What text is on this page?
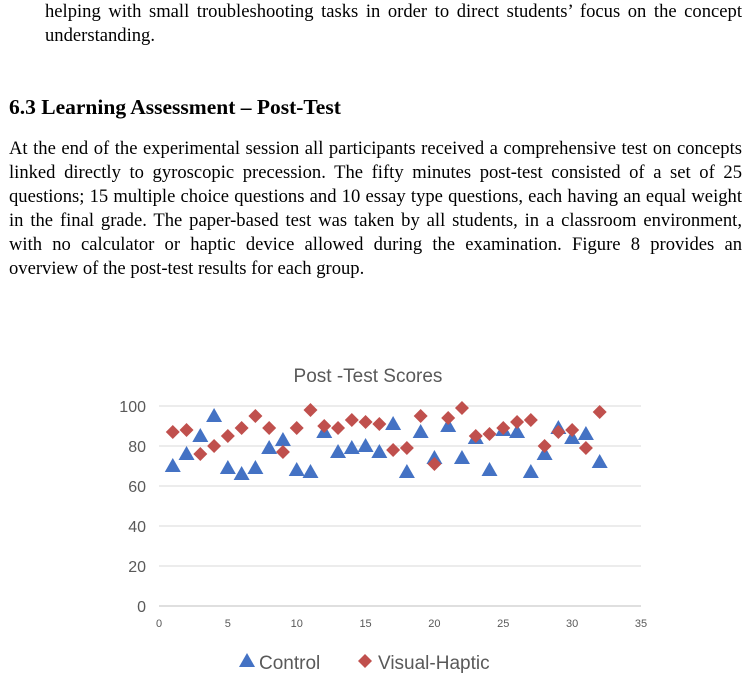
helping with small troubleshooting tasks in order to direct students’ focus on the concept understanding.
6.3 Learning Assessment – Post-Test
At the end of the experimental session all participants received a comprehensive test on concepts linked directly to gyroscopic precession. The fifty minutes post-test consisted of a set of 25 questions; 15 multiple choice questions and 10 essay type questions, each having an equal weight in the final grade. The paper-based test was taken by all students, in a classroom environment, with no calculator or haptic device allowed during the examination. Figure 8 provides an overview of the post-test results for each group.
Post -Test Scores
0
20
40
60
80
100
0	5	10	15	20	25	30	35
Control	Visual-Haptic
